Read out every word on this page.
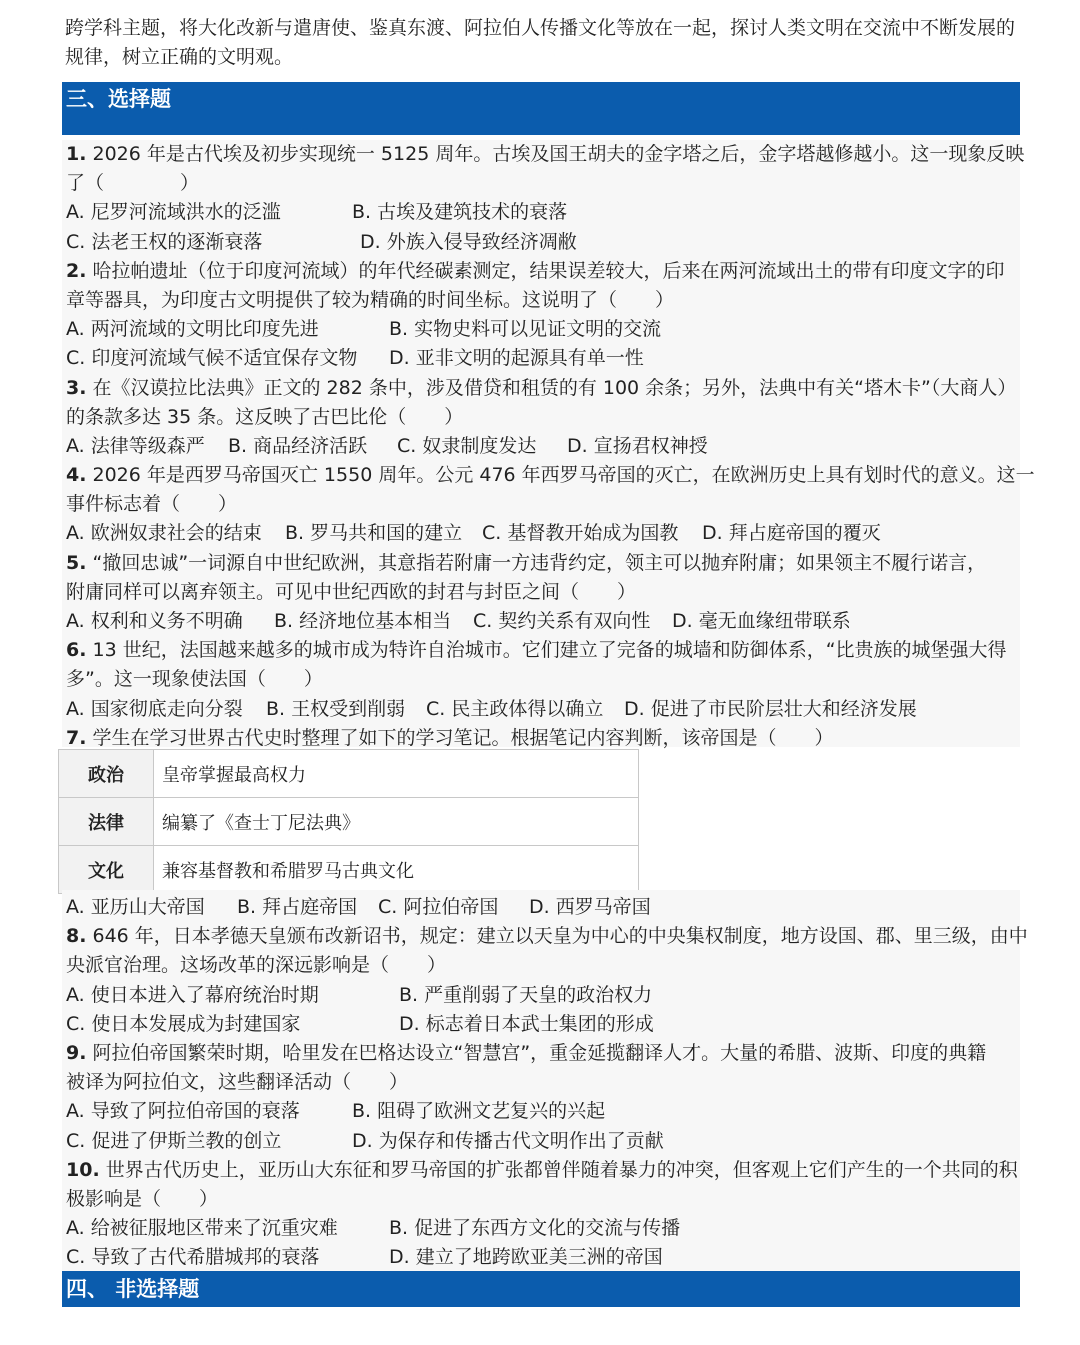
跨学科主题，将大化改新与遣唐使、鉴真东渡、阿拉伯人传播文化等放在一起，探讨人类文明在交流中不断发展的
规律，树立正确的文明观。
三、选择题
1. 2026 年是古代埃及初步实现统一 5125 周年。古埃及国王胡夫的金字塔之后，金字塔越修越小。这一现象反映
了（　　　　）
A. 尼罗河流域洪水的泛滥	B. 古埃及建筑技术的衰落
C. 法老王权的逐渐衰落	D. 外族入侵导致经济凋敝
2. 哈拉帕遗址（位于印度河流域）的年代经碳素测定，结果误差较大，后来在两河流域出土的带有印度文字的印
章等器具，为印度古文明提供了较为精确的时间坐标。这说明了（　　）
A. 两河流域的文明比印度先进	B. 实物史料可以见证文明的交流
C. 印度河流域气候不适宜保存文物 D. 亚非文明的起源具有单一性
3. 在《汉谟拉比法典》正文的 282 条中，涉及借贷和租赁的有 100 余条；另外，法典中有关“塔木卡”（大商人）
的条款多达 35 条。这反映了古巴比伦（　　）
A. 法律等级森严 B. 商品经济活跃 C. 奴隶制度发达 D. 宣扬君权神授
4. 2026 年是西罗马帝国灭亡 1550 周年。公元 476 年西罗马帝国的灭亡，在欧洲历史上具有划时代的意义。这一
事件标志着（　　）
A. 欧洲奴隶社会的结束 B. 罗马共和国的建立 C. 基督教开始成为国教 D. 拜占庭帝国的覆灭
5. “撤回忠诚”一词源自中世纪欧洲，其意指若附庸一方违背约定，领主可以抛弃附庸；如果领主不履行诺言，
附庸同样可以离弃领主。可见中世纪西欧的封君与封臣之间（　　）
A. 权利和义务不明确 B. 经济地位基本相当 C. 契约关系有双向性 D. 毫无血缘纽带联系
6. 13 世纪，法国越来越多的城市成为特许自治城市。它们建立了完备的城墙和防御体系，“比贵族的城堡强大得
多”。这一现象使法国（　　）
A. 国家彻底走向分裂 B. 王权受到削弱 C. 民主政体得以确立 D. 促进了市民阶层壮大和经济发展
7. 学生在学习世界古代史时整理了如下的学习笔记。根据笔记内容判断，该帝国是（　　）
政治	皇帝掌握最高权力
法律	编纂了《查士丁尼法典》
文化	兼容基督教和希腊罗马古典文化
A. 亚历山大帝国 B. 拜占庭帝国 C. 阿拉伯帝国 D. 西罗马帝国
8. 646 年，日本孝德天皇颁布改新诏书，规定：建立以天皇为中心的中央集权制度，地方设国、郡、里三级，由中
央派官治理。这场改革的深远影响是（　　）
A. 使日本进入了幕府统治时期	B. 严重削弱了天皇的政治权力
C. 使日本发展成为封建国家	D. 标志着日本武士集团的形成
9. 阿拉伯帝国繁荣时期，哈里发在巴格达设立“智慧宫”，重金延揽翻译人才。大量的希腊、波斯、印度的典籍
被译为阿拉伯文，这些翻译活动（　　）
A. 导致了阿拉伯帝国的衰落	B. 阻碍了欧洲文艺复兴的兴起
C. 促进了伊斯兰教的创立	D. 为保存和传播古代文明作出了贡献
10. 世界古代历史上，亚历山大东征和罗马帝国的扩张都曾伴随着暴力的冲突，但客观上它们产生的一个共同的积
极影响是（　　）
A. 给被征服地区带来了沉重灾难	B. 促进了东西方文化的交流与传播
C. 导致了古代希腊城邦的衰落	D. 建立了地跨欧亚美三洲的帝国
四、 非选择题
